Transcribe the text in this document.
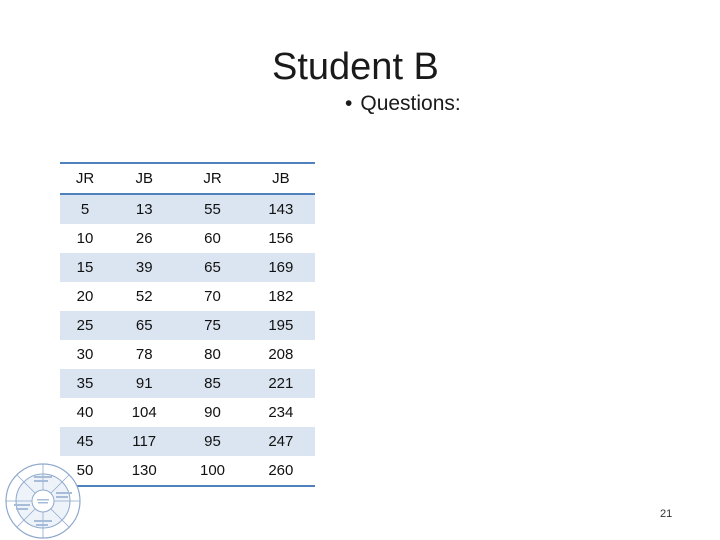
Student B
• Questions:
JR	JB	JR	JB
5	13	55	143
10	26	60	156
15	39	65	169
20	52	70	182
25	65	75	195
30	78	80	208
35	91	85	221
40	104	90	234
45	117	95	247
50	130	100	260
21
